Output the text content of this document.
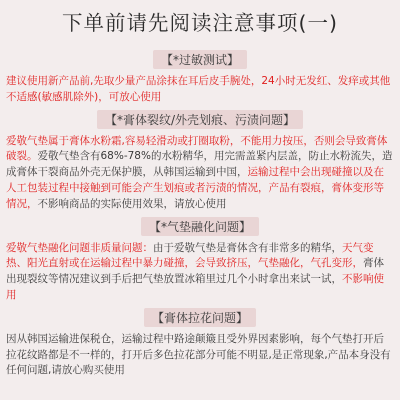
下单前请先阅读注意事项(一)
【*过敏测试】
建议使用新产品前,先取少量产品涂抹在耳后皮手腕处，24小时无发红、发痒或其他不适感(敏感肌除外)，可放心使用
【*膏体裂纹/外壳划痕、污渍问题】
爱敬气垫属于膏体水粉霜,容易轻滑动或打圈取粉，不能用力按压，否则会导致膏体破裂。爱敬气垫含有68%-78%的水粉精华，用完需盖紧内层盖，防止水粉流失，造成膏体干裂商品外壳无保护膜，从韩国运输到中国，运输过程中会出现碰撞以及在人工包装过程中接触到可能会产生划痕或者污渍的情况，产品有裂痕，膏体变形等情况，不影响商品的实际使用效果，请放心使用
【*气垫融化问题】
爱敬气垫融化问题非质量问题：由于爱敬气垫是膏体含有非常多的精华，天气变热、阳光直射或在运输过程中暴力碰撞，会导致挤压，气垫融化，气孔变形，膏体出现裂纹等情况建议到手后把气垫放置冰箱里过几个小时拿出来试一试，不影响使用
【膏体拉花问题】
因从韩国运输进保税仓，运输过程中路途颠簸且受外界因素影响，每个气垫打开后拉花纹路都是不一样的，打开后多色拉花部分可能不明显,是正常现象,产品本身没有任何问题,请放心购买使用
